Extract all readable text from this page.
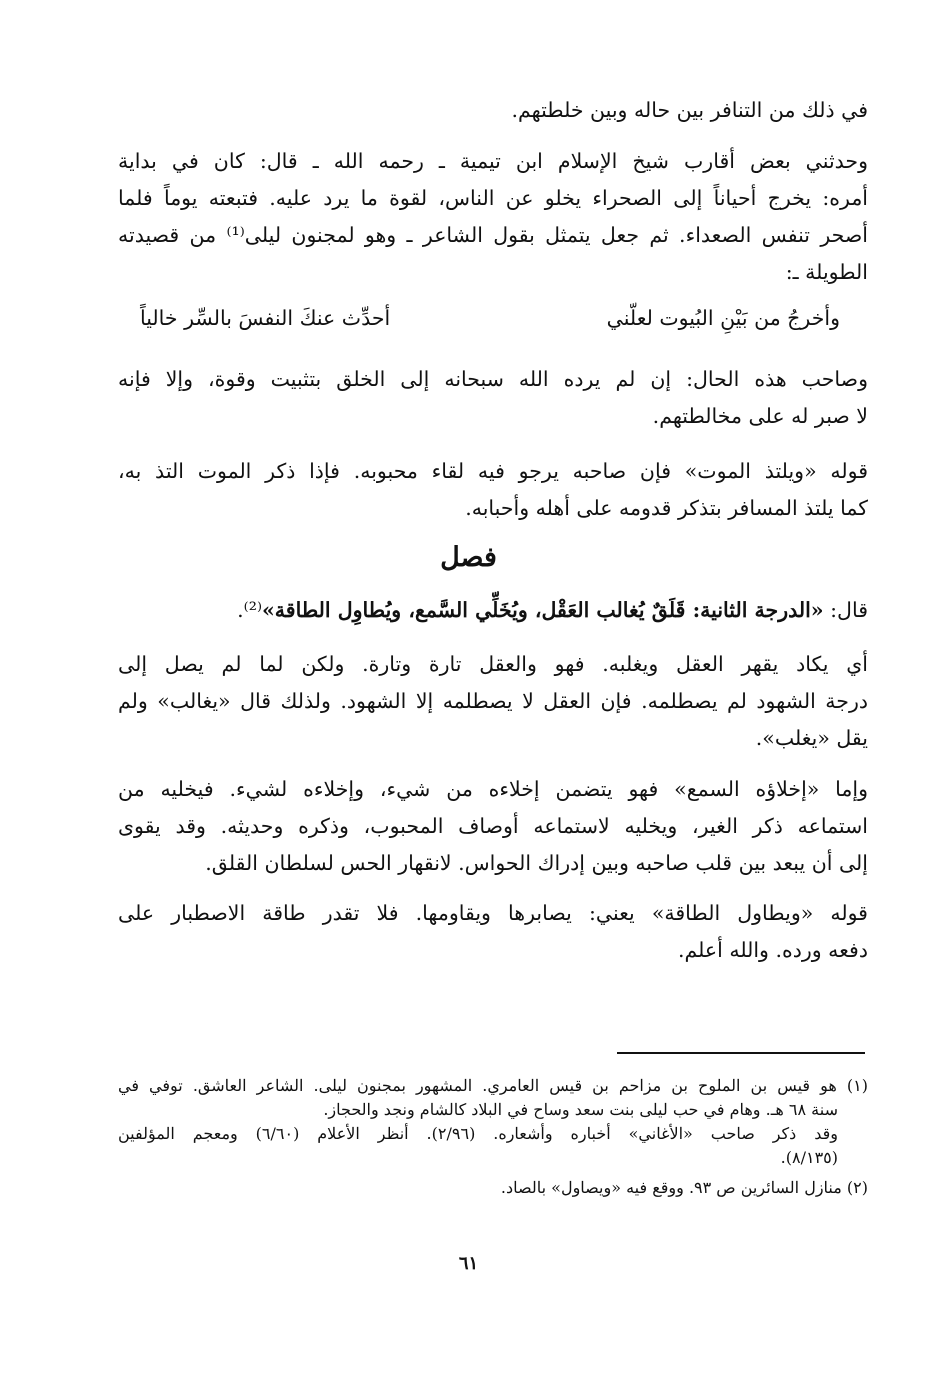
في ذلك من التنافر بين حاله وبين خلطتهم.

وحدثني بعض أقارب شيخ الإسلام ابن تيمية ـ رحمه الله ـ قال: كان في بداية
أمره: يخرج أحياناً إلى الصحراء يخلو عن الناس، لقوة ما يرد عليه. فتبعته يوماً فلما
أصحر تنفس الصعداء. ثم جعل يتمثل بقول الشاعر ـ وهو لمجنون ليلى⁽¹⁾ من قصيدته
الطويلة ـ:

وأخرجُ من بَيْنِ البُيوت لعلّني
أحدِّث عنكَ النفسَ بالسِّر خالياً

وصاحب هذه الحال: إن لم يرده الله سبحانه إلى الخلق بتثبيت وقوة، وإلا فإنه
لا صبر له على مخالطتهم.

قوله «ويلتذ الموت» فإن صاحبه يرجو فيه لقاء محبوبه. فإذا ذكر الموت التذ به،
كما يلتذ المسافر بتذكر قدومه على أهله وأحبابه.

فصل

قال: «الدرجة الثانية: قَلَقٌ يُغالب العَقْل، ويُخَلِّي السَّمع، ويُطاوِل الطاقة»⁽²⁾.

أي يكاد يقهر العقل ويغلبه. فهو والعقل تارة وتارة. ولكن لما لم يصل إلى
درجة الشهود لم يصطلمه. فإن العقل لا يصطلمه إلا الشهود. ولذلك قال «يغالب» ولم
يقل «يغلب».

وإما «إخلاؤه السمع» فهو يتضمن إخلاءه من شيء، وإخلاءه لشيء. فيخليه من
استماعه ذكر الغير، ويخليه لاستماعه أوصاف المحبوب، وذكره وحديثه. وقد يقوى
إلى أن يبعد بين قلب صاحبه وبين إدراك الحواس. لانقهار الحس لسلطان القلق.

قوله «ويطاول الطاقة» يعني: يصابرها ويقاومها. فلا تقدر طاقة الاصطبار على
دفعه ورده. والله أعلم.

(١) هو قيس بن الملوح بن مزاحم بن قيس العامري. المشهور بمجنون ليلى. الشاعر العاشق. توفي في
سنة ٦٨ هـ. وهام في حب ليلى بنت سعد وساح في البلاد كالشام ونجد والحجاز.
وقد ذكر صاحب «الأغاني» أخباره وأشعاره. (٢/٩٦). أنظر الأعلام (٦/٦٠) ومعجم المؤلفين
(٨/١٣٥).
(٢) منازل السائرين ص ٩٣. ووقع فيه «ويصاول» بالصاد.
٦١
